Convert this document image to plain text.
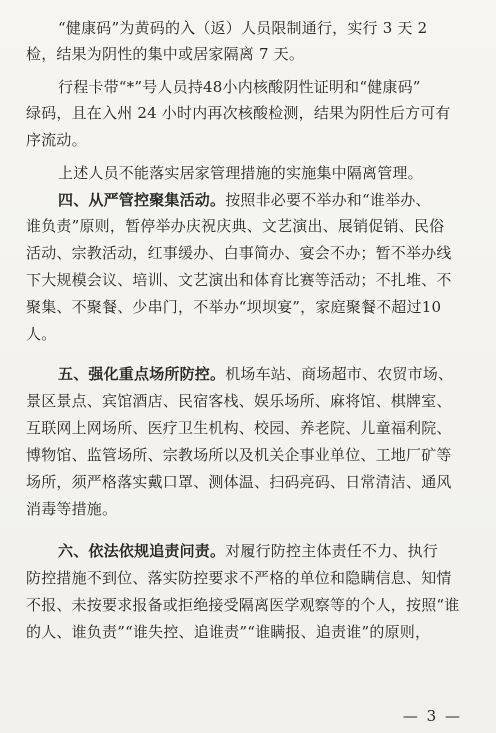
“健康码”为黄码的入（返）人员限制通行，实行 3 天 2
检，结果为阴性的集中或居家隔离 7 天。
行程卡带“*”号人员持48小内核酸阴性证明和“健康码”
绿码，且在入州 24 小时内再次核酸检测，结果为阴性后方可有
序流动。
上述人员不能落实居家管理措施的实施集中隔离管理。
四、从严管控聚集活动。按照非必要不举办和“谁举办、
谁负责”原则，暂停举办庆祝庆典、文艺演出、展销促销、民俗
活动、宗教活动，红事缓办、白事简办、宴会不办；暂不举办线
下大规模会议、培训、文艺演出和体育比赛等活动；不扎堆、不
聚集、不聚餐、少串门，不举办“坝坝宴”，家庭聚餐不超过10
人。
五、强化重点场所防控。机场车站、商场超市、农贸市场、
景区景点、宾馆酒店、民宿客栈、娱乐场所、麻将馆、棋牌室、
互联网上网场所、医疗卫生机构、校园、养老院、儿童福利院、
博物馆、监管场所、宗教场所以及机关企事业单位、工地厂矿等
场所，须严格落实戴口罩、测体温、扫码亮码、日常清洁、通风
消毒等措施。
六、依法依规追责问责。对履行防控主体责任不力、执行
防控措施不到位、落实防控要求不严格的单位和隐瞒信息、知情
不报、未按要求报备或拒绝接受隔离医学观察等的个人，按照“谁
的人、谁负责”“谁失控、追谁责”“谁瞒报、追责谁”的原则，
— 3 —
